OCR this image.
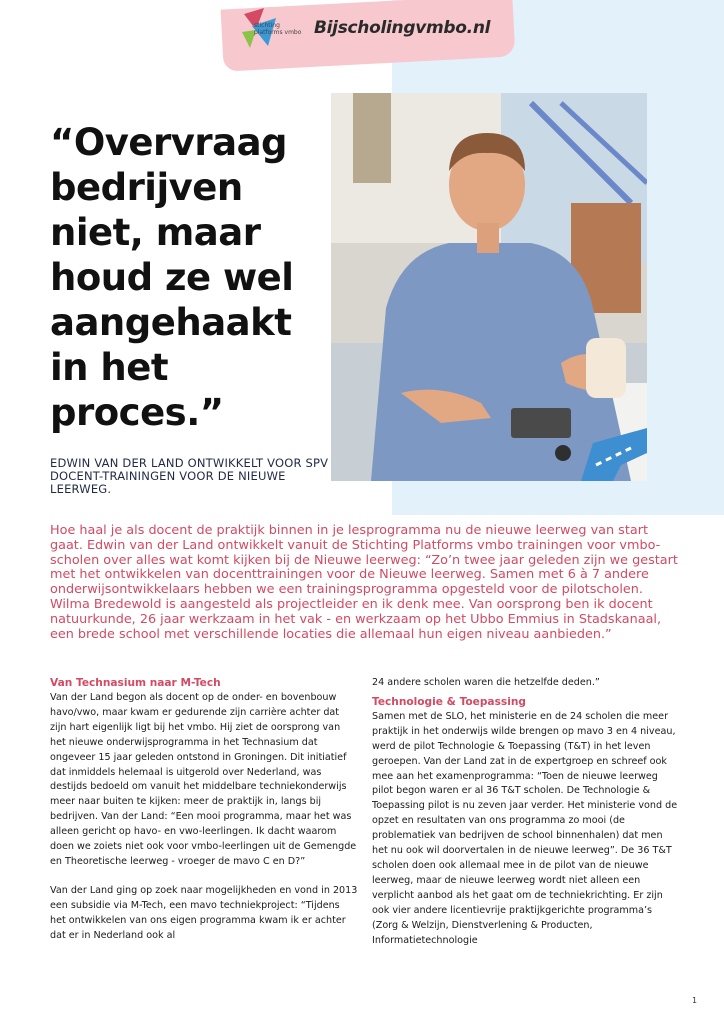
stichting platforms vmbo Bijscholingvmbo.nl
“Overvraag
bedrijven
niet, maar
houd ze wel
aangehaakt
in het
proces.”
EDWIN VAN DER LAND ONTWIKKELT VOOR SPV DOCENT-TRAININGEN VOOR DE NIEUWE LEERWEG.
Hoe haal je als docent de praktijk binnen in je lesprogramma nu de nieuwe leerweg van start gaat. Edwin van der Land ontwikkelt vanuit de Stichting Platforms vmbo trainingen voor vmbo-scholen over alles wat komt kijken bij de Nieuwe leerweg: “Zo’n twee jaar geleden zijn we gestart met het ontwikkelen van docenttrainingen voor de Nieuwe leerweg. Samen met 6 à 7 andere onderwijsontwikkelaars hebben we een trainingsprogramma opgesteld voor de pilotscholen. Wilma Bredewold is aangesteld als projectleider en ik denk mee. Van oorsprong ben ik docent natuurkunde, 26 jaar werkzaam in het vak - en werkzaam op het Ubbo Emmius in Stadskanaal, een brede school met verschillende locaties die allemaal hun eigen niveau aanbieden.”
Van Technasium naar M-Tech

Van der Land begon als docent op de onder- en bovenbouw havo/vwo, maar kwam er gedurende zijn carrière achter dat zijn hart eigenlijk ligt bij het vmbo. Hij ziet de oorsprong van het nieuwe onderwijsprogramma in het Technasium dat ongeveer 15 jaar geleden ontstond in Groningen. Dit initiatief dat inmiddels helemaal is uitgerold over Nederland, was destijds bedoeld om vanuit het middelbare techniekonderwijs meer naar buiten te kijken: meer de praktijk in, langs bij bedrijven. Van der Land: “Een mooi programma, maar het was alleen gericht op havo- en vwo-leerlingen. Ik dacht waarom doen we zoiets niet ook voor vmbo-leerlingen uit de Gemengde en Theoretische leerweg - vroeger de mavo C en D?”

Van der Land ging op zoek naar mogelijkheden en vond in 2013 een subsidie via M-Tech, een mavo techniekproject: “Tijdens het ontwikkelen van ons eigen programma kwam ik er achter dat er in Nederland ook al

24 andere scholen waren die hetzelfde deden.”

Technologie & Toepassing

Samen met de SLO, het ministerie en de 24 scholen die meer praktijk in het onderwijs wilde brengen op mavo 3 en 4 niveau, werd de pilot Technologie & Toepassing (T&T) in het leven geroepen. Van der Land zat in de expertgroep en schreef ook mee aan het examenprogramma: “Toen de nieuwe leerweg pilot begon waren er al 36 T&T scholen. De Technologie & Toepassing pilot is nu zeven jaar verder. Het ministerie vond de opzet en resultaten van ons programma zo mooi (de problematiek van bedrijven de school binnenhalen) dat men het nu ook wil doorvertalen in de nieuwe leerweg”. De 36 T&T scholen doen ook allemaal mee in de pilot van de nieuwe leerweg, maar de nieuwe leerweg wordt niet alleen een verplicht aanbod als het gaat om de techniekrichting. Er zijn ook vier andere licentievrije praktijkgerichte programma’s (Zorg & Welzijn, Dienstverlening & Producten, Informatietechnologie

1
